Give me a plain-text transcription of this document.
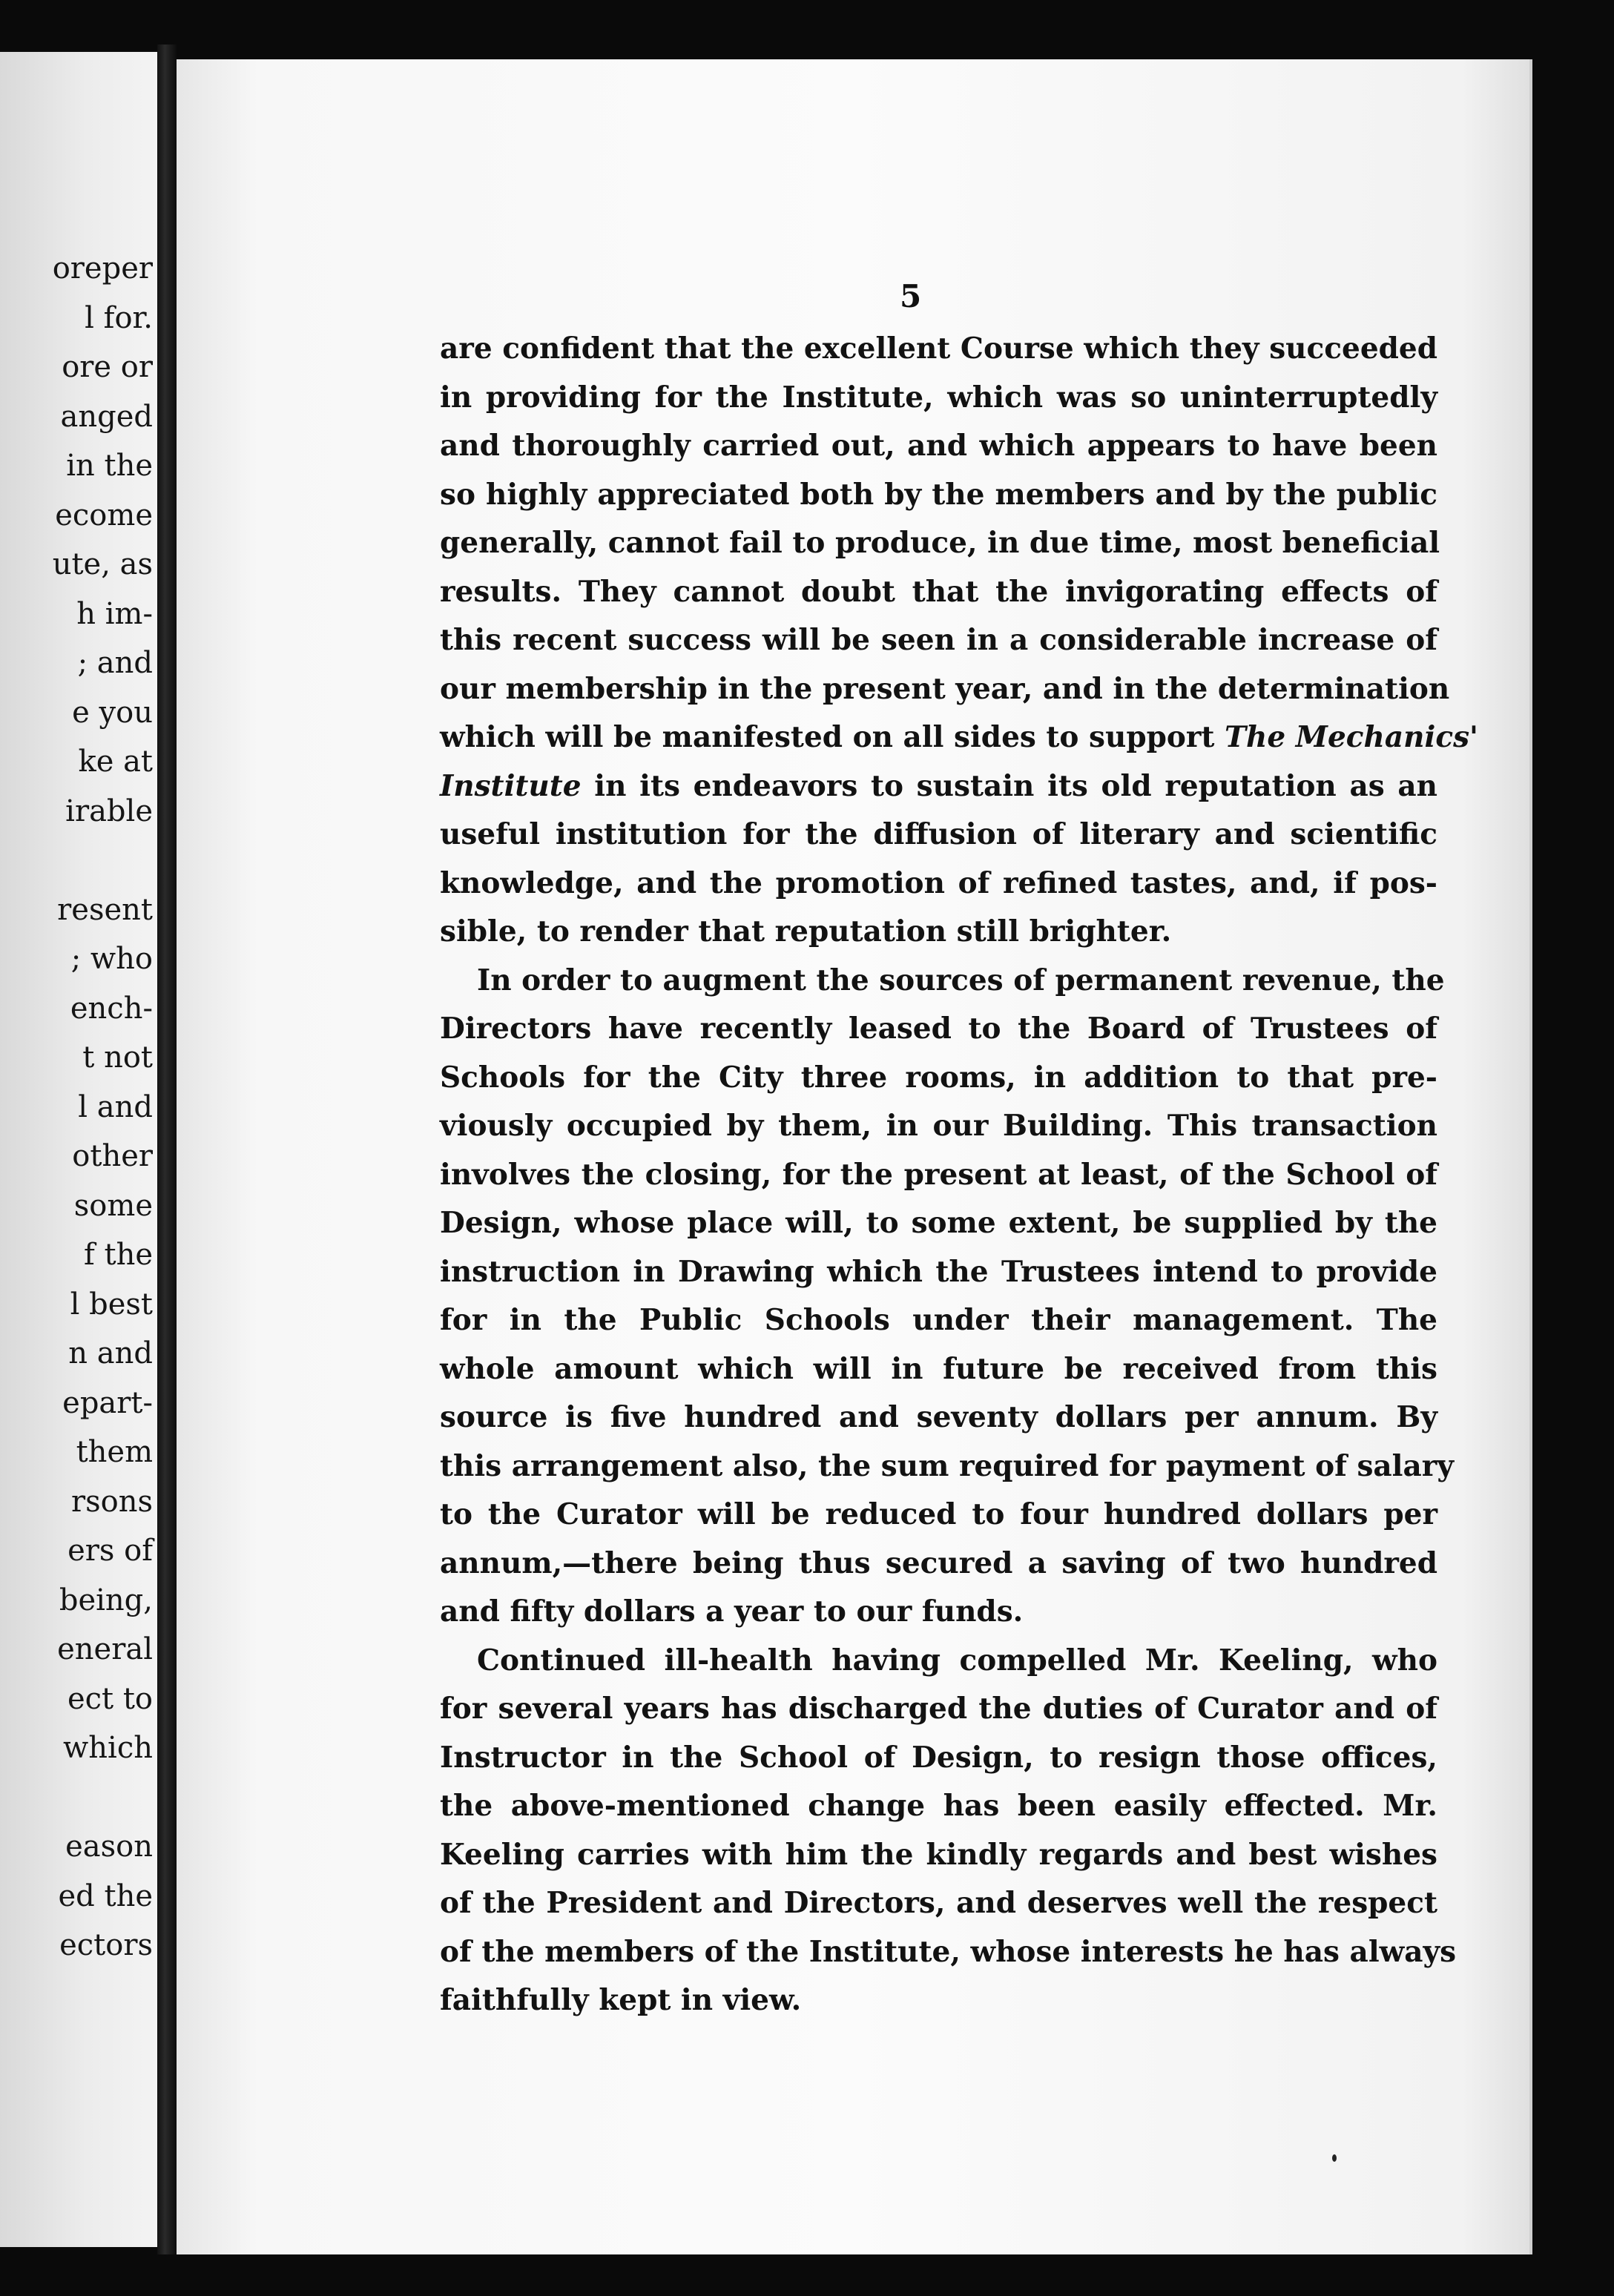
oreper
l for.
ore or
anged
in the
ecome
ute, as
h im-
; and
e you
ke at
irable
resent
; who
ench-
t not
l and
other
some
f the
l best
n and
epart-
them
rsons
ers of
being,
eneral
ect to
which
eason
ed the
ectors
5
are confident that the excellent Course which they succeeded
in providing for the Institute, which was so uninterruptedly
and thoroughly carried out, and which appears to have been
so highly appreciated both by the members and by the public
generally, cannot fail to produce, in due time, most beneficial
results. They cannot doubt that the invigorating effects of
this recent success will be seen in a considerable increase of
our membership in the present year, and in the determination
which will be manifested on all sides to support The Mechanics'
Institute in its endeavors to sustain its old reputation as an
useful institution for the diffusion of literary and scientific
knowledge, and the promotion of refined tastes, and, if pos-
sible, to render that reputation still brighter.
In order to augment the sources of permanent revenue, the
Directors have recently leased to the Board of Trustees of
Schools for the City three rooms, in addition to that pre-
viously occupied by them, in our Building. This transaction
involves the closing, for the present at least, of the School of
Design, whose place will, to some extent, be supplied by the
instruction in Drawing which the Trustees intend to provide
for in the Public Schools under their management. The
whole amount which will in future be received from this
source is five hundred and seventy dollars per annum. By
this arrangement also, the sum required for payment of salary
to the Curator will be reduced to four hundred dollars per
annum,—there being thus secured a saving of two hundred
and fifty dollars a year to our funds.
Continued ill-health having compelled Mr. Keeling, who
for several years has discharged the duties of Curator and of
Instructor in the School of Design, to resign those offices,
the above-mentioned change has been easily effected. Mr.
Keeling carries with him the kindly regards and best wishes
of the President and Directors, and deserves well the respect
of the members of the Institute, whose interests he has always
faithfully kept in view.
